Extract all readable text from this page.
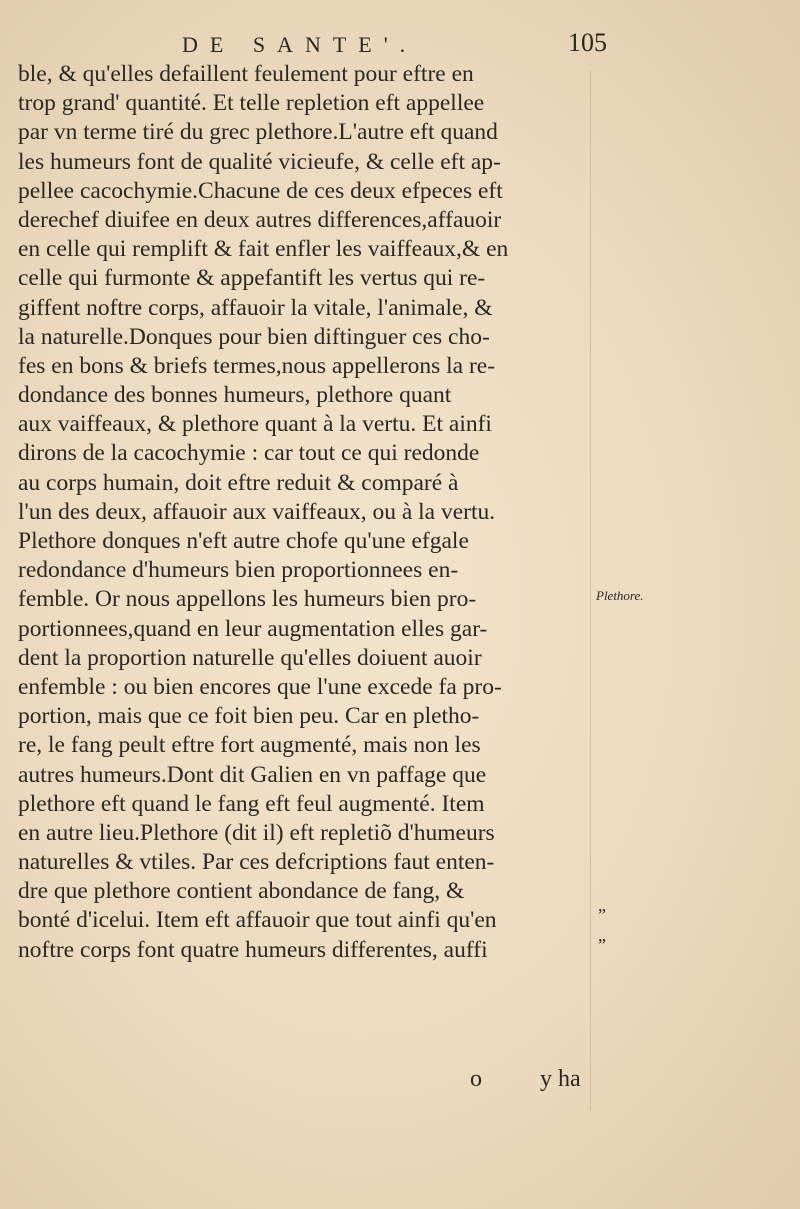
DE SANTE'.	105
ble, & qu'elles defaillent feulement pour eftre en
trop grand' quantité. Et telle repletion eft appellee
par vn terme tiré du grec plethore.L'autre eft quand
les humeurs font de qualité vicieufe, & celle eft ap-
pellee cacochymie.Chacune de ces deux efpeces eft
derechef diuifee en deux autres differences,affauoir
en celle qui remplift & fait enfler les vaiffeaux,& en
celle qui furmonte & appefantift les vertus qui re-
giffent noftre corps, affauoir la vitale, l'animale, &
la naturelle.Donques pour bien diftinguer ces cho-
fes en bons & briefs termes,nous appellerons la re-
dondance des bonnes humeurs, plethore quant
aux vaiffeaux, & plethore quant à la vertu. Et ainfi
dirons de la cacochymie : car tout ce qui redonde
au corps humain, doit eftre reduit & comparé à
l'un des deux, affauoir aux vaiffeaux, ou à la vertu.
Plethore donques n'eft autre chofe qu'une efgale
redondance d'humeurs bien proportionnees en-
femble. Or nous appellons les humeurs bien pro-
portionnees,quand en leur augmentation elles gar-
dent la proportion naturelle qu'elles doiuent auoir
enfemble : ou bien encores que l'une excede fa pro-
portion, mais que ce foit bien peu. Car en pletho-
re, le fang peult eftre fort augmenté, mais non les
autres humeurs.Dont dit Galien en vn paffage que
plethore eft quand le fang eft feul augmenté. Item
en autre lieu.Plethore (dit il) eft repletiõ d'humeurs
naturelles & vtiles. Par ces defcriptions faut enten-
dre que plethore contient abondance de fang, &
bonté d'icelui. Item eft affauoir que tout ainfi qu'en
noftre corps font quatre humeurs differentes, auffi
Plethore.
”
”
o y ha
